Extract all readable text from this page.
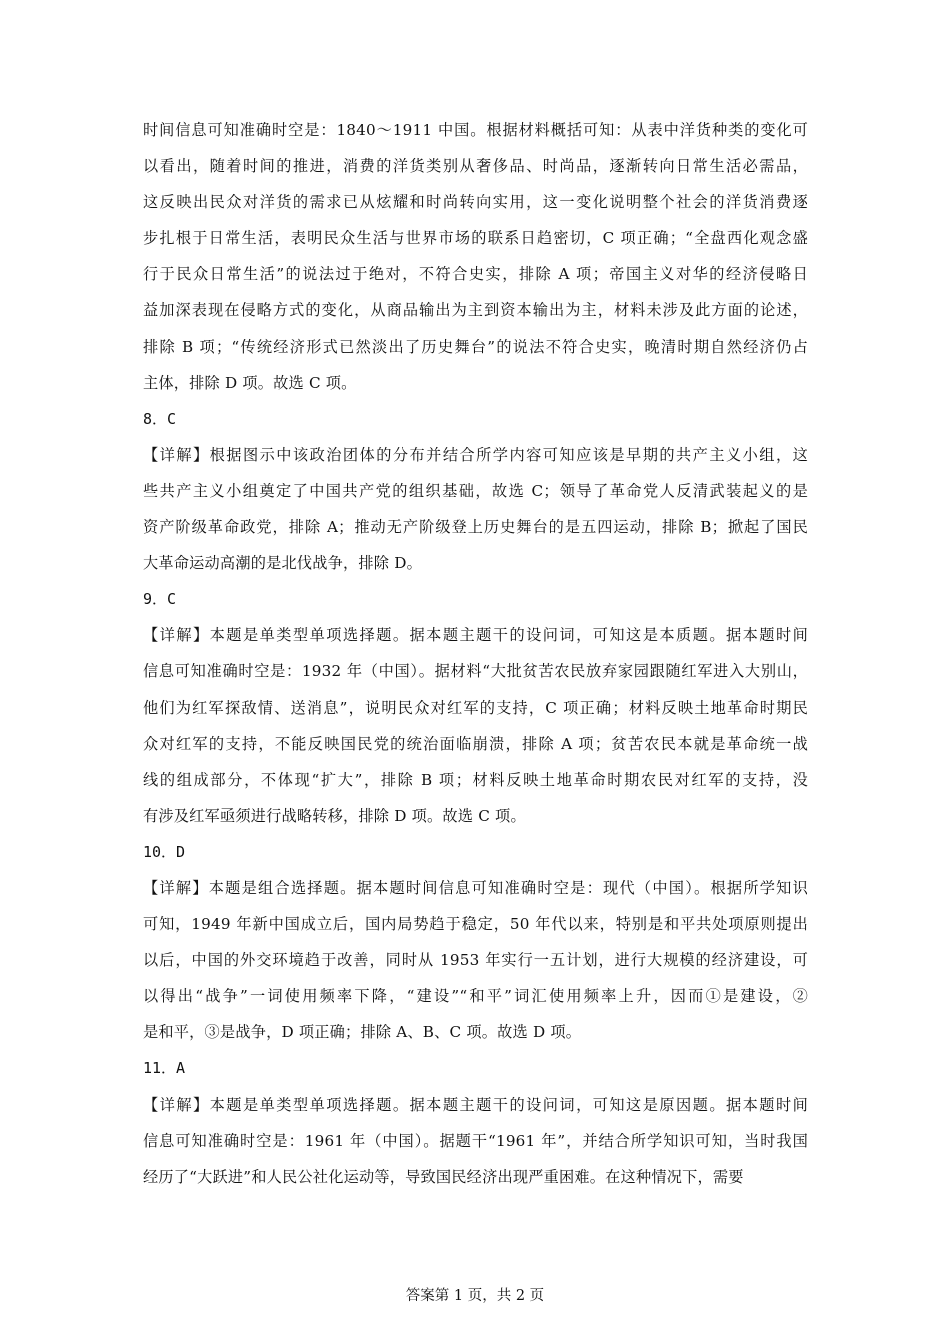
时间信息可知准确时空是：1840～1911 中国。根据材料概括可知：从表中洋货种类的变化可
以看出，随着时间的推进，消费的洋货类别从奢侈品、时尚品，逐渐转向日常生活必需品，
这反映出民众对洋货的需求已从炫耀和时尚转向实用，这一变化说明整个社会的洋货消费逐
步扎根于日常生活，表明民众生活与世界市场的联系日趋密切，C 项正确；“全盘西化观念盛
行于民众日常生活”的说法过于绝对，不符合史实，排除 A 项；帝国主义对华的经济侵略日
益加深表现在侵略方式的变化，从商品输出为主到资本输出为主，材料未涉及此方面的论述，
排除 B 项；“传统经济形式已然淡出了历史舞台”的说法不符合史实，晚清时期自然经济仍占
主体，排除 D 项。故选 C 项。
8．C
【详解】根据图示中该政治团体的分布并结合所学内容可知应该是早期的共产主义小组，这
些共产主义小组奠定了中国共产党的组织基础，故选 C；领导了革命党人反清武装起义的是
资产阶级革命政党，排除 A；推动无产阶级登上历史舞台的是五四运动，排除 B；掀起了国民
大革命运动高潮的是北伐战争，排除 D。
9．C
【详解】本题是单类型单项选择题。据本题主题干的设问词，可知这是本质题。据本题时间
信息可知准确时空是：1932 年（中国）。据材料“大批贫苦农民放弃家园跟随红军进入大别山，
他们为红军探敌情、送消息”，说明民众对红军的支持，C 项正确；材料反映土地革命时期民
众对红军的支持，不能反映国民党的统治面临崩溃，排除 A 项；贫苦农民本就是革命统一战
线的组成部分，不体现“扩大”，排除 B 项；材料反映土地革命时期农民对红军的支持，没
有涉及红军亟须进行战略转移，排除 D 项。故选 C 项。
10．D
【详解】本题是组合选择题。据本题时间信息可知准确时空是：现代（中国）。根据所学知识
可知，1949 年新中国成立后，国内局势趋于稳定，50 年代以来，特别是和平共处项原则提出
以后，中国的外交环境趋于改善，同时从 1953 年实行一五计划，进行大规模的经济建设，可
以得出“战争”一词使用频率下降，“建设”“和平”词汇使用频率上升，因而①是建设，②
是和平，③是战争，D 项正确；排除 A、B、C 项。故选 D 项。
11．A
【详解】本题是单类型单项选择题。据本题主题干的设问词，可知这是原因题。据本题时间
信息可知准确时空是：1961 年（中国）。据题干“1961 年”，并结合所学知识可知，当时我国
经历了“大跃进”和人民公社化运动等，导致国民经济出现严重困难。在这种情况下，需要
答案第 1 页，共 2 页
